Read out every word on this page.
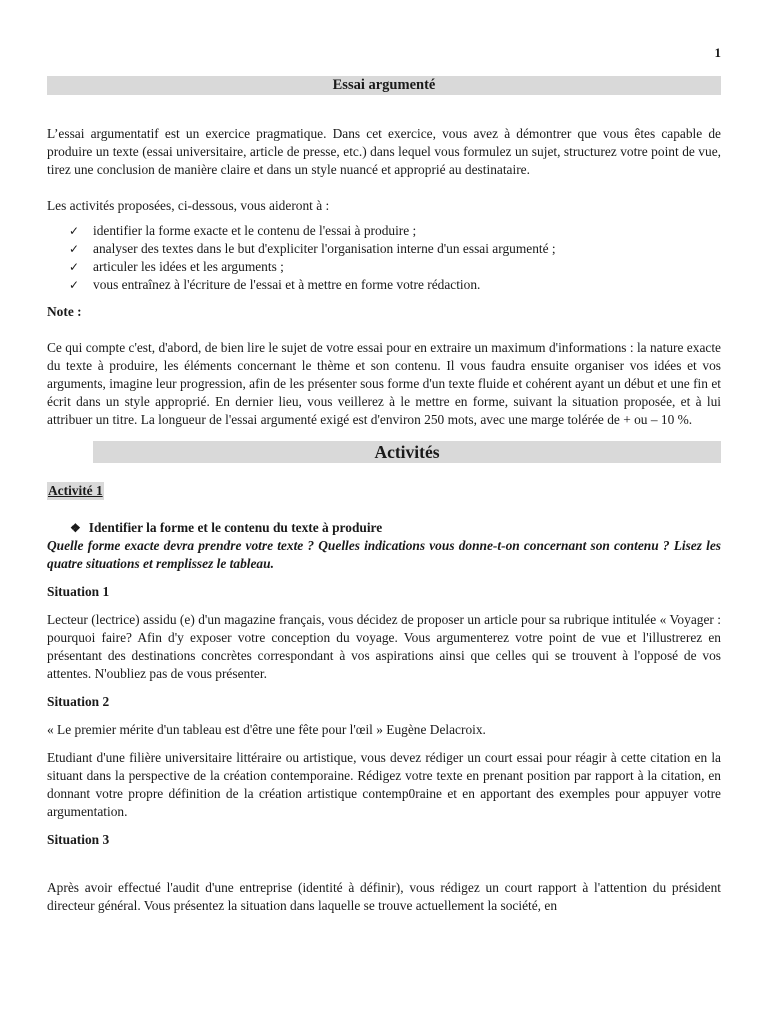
1
Essai argumenté

L’essai argumentatif est un exercice pragmatique. Dans cet exercice, vous avez à démontrer que vous êtes capable de produire un texte (essai universitaire, article de presse, etc.) dans lequel vous formulez un sujet, structurez votre point de vue, tirez une conclusion de manière claire et dans un style nuancé et approprié au destinataire.

Les activités proposées, ci-dessous, vous aideront à :

✓ identifier la forme exacte et le contenu de l'essai à produire ;
✓ analyser des textes dans le but d'expliciter l'organisation interne d'un essai argumenté ;
✓ articuler les idées et les arguments ;
✓ vous entraînez à l'écriture de l'essai et à mettre en forme votre rédaction.

Note :

Ce qui compte c'est, d'abord, de bien lire le sujet de votre essai pour en extraire un maximum d'informations : la nature exacte du texte à produire, les éléments concernant le thème et son contenu. Il vous faudra ensuite organiser vos idées et vos arguments, imagine leur progression, afin de les présenter sous forme d'un texte fluide et cohérent ayant un début et une fin et écrit dans un style approprié. En dernier lieu, vous veillerez à le mettre en forme, suivant la situation proposée, et à lui attribuer un titre. La longueur de l'essai argumenté exigé est d'environ 250 mots, avec une marge tolérée de + ou – 10 %.

Activités
Activité 1

❖ Identifier la forme et le contenu du texte à produire

Quelle forme exacte devra prendre votre texte ? Quelles indications vous donne-t-on concernant son contenu ? Lisez les quatre situations et remplissez le tableau.

Situation 1

Lecteur (lectrice) assidu (e) d'un magazine français, vous décidez de proposer un article pour sa rubrique intitulée « Voyager : pourquoi faire? Afin d'y exposer votre conception du voyage. Vous argumenterez votre point de vue et l'illustrerez en présentant des destinations concrètes correspondant à vos aspirations ainsi que celles qui se trouvent à l'opposé de vos attentes. N'oubliez pas de vous présenter.

Situation 2

« Le premier mérite d'un tableau est d'être une fête pour l'œil » Eugène Delacroix.

Etudiant d'une filière universitaire littéraire ou artistique, vous devez rédiger un court essai pour réagir à cette citation en la situant dans la perspective de la création contemporaine. Rédigez votre texte en prenant position par rapport à la citation, en donnant votre propre définition de la création artistique contemp0raine et en apportant des exemples pour appuyer votre argumentation.

Situation 3

Après avoir effectué l'audit d'une entreprise (identité à définir), vous rédigez un court rapport à l'attention du président directeur général. Vous présentez la situation dans laquelle se trouve actuellement la société, en
